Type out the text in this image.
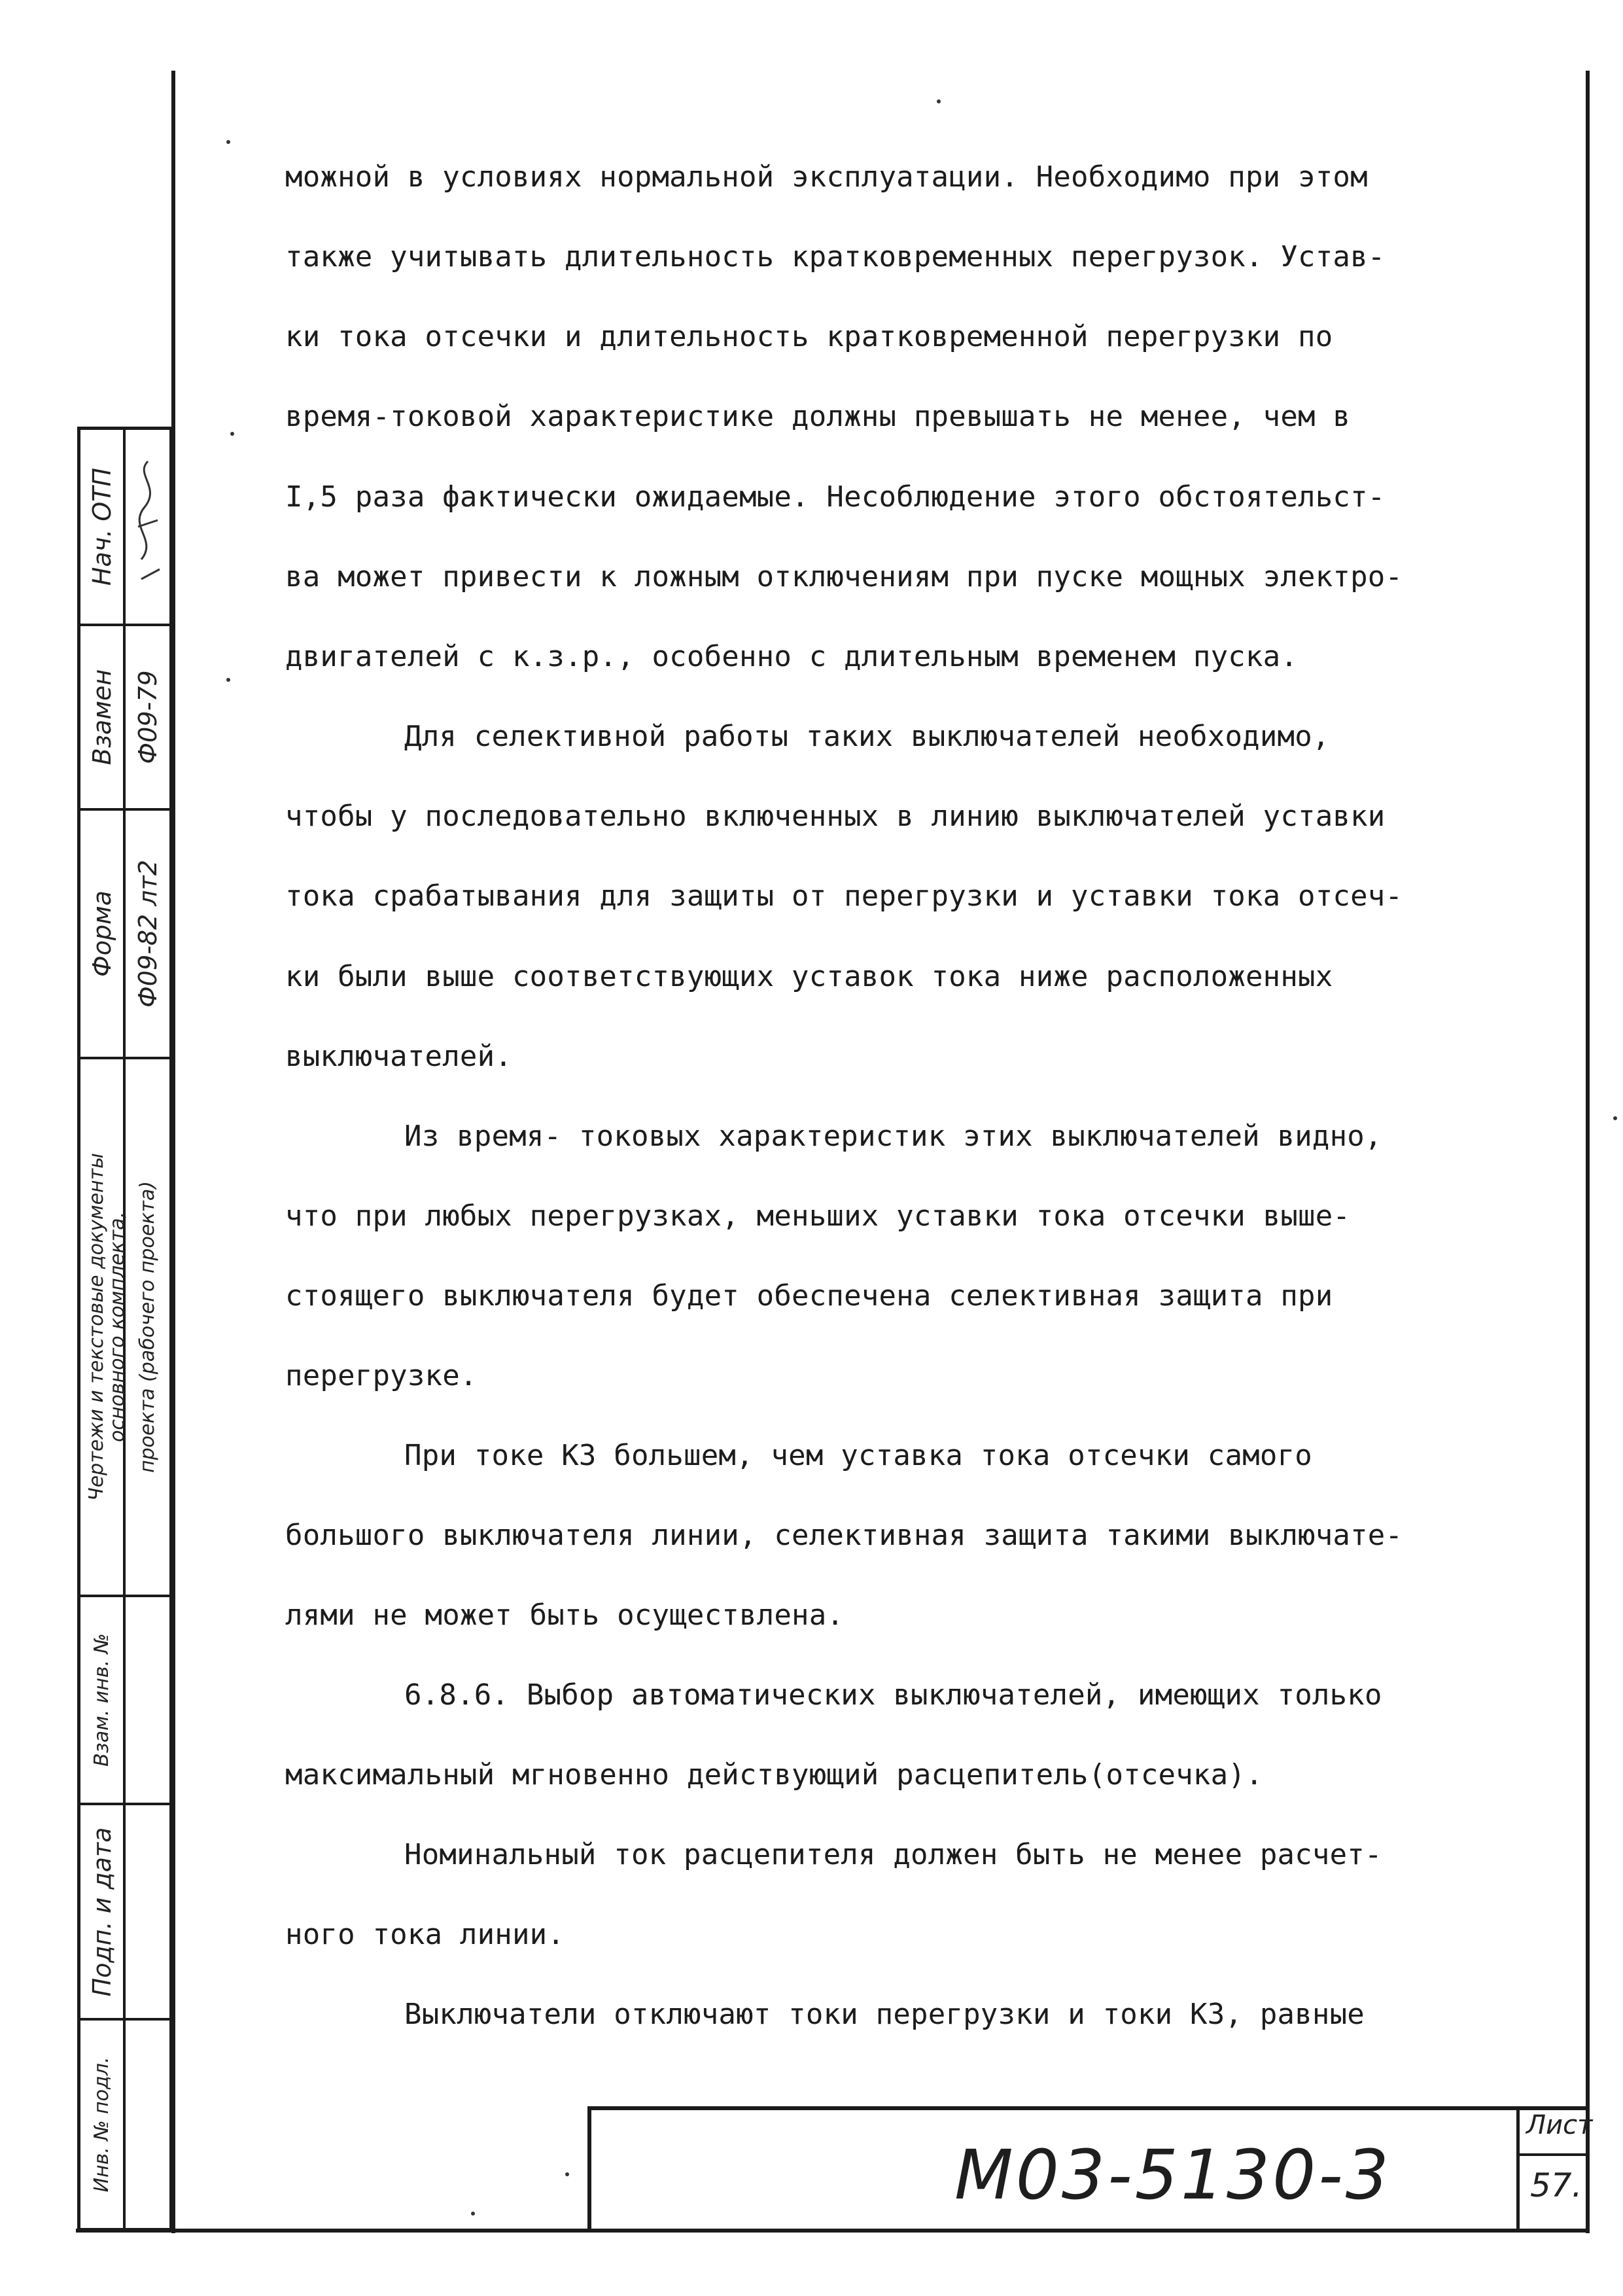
можной в условиях нормальной эксплуатации. Необходимо при этом
также учитывать длительность кратковременных перегрузок. Устав-
ки тока отсечки и длительность кратковременной перегрузки по
время-токовой характеристике должны превышать не менее, чем в
I,5 раза фактически ожидаемые. Несоблюдение этого обстоятельст-
ва может привести к ложным отключениям при пуске мощных электро-
двигателей с к.з.р., особенно с длительным временем пуска.
Для селективной работы таких выключателей необходимо,
чтобы у последовательно включенных в линию выключателей уставки
тока срабатывания для защиты от перегрузки и уставки тока отсеч-
ки были выше соответствующих уставок тока ниже расположенных
выключателей.
Из время- токовых характеристик этих выключателей видно,
что при любых перегрузках, меньших уставки тока отсечки выше-
стоящего выключателя будет обеспечена селективная защита при
перегрузке.
При токе КЗ большем, чем уставка тока отсечки самого
большого выключателя линии, селективная защита такими выключате-
лями не может быть осуществлена.
6.8.6. Выбор автоматических выключателей, имеющих только
максимальный мгновенно действующий расцепитель(отсечка).
Номинальный ток расцепителя должен быть не менее расчет-
ного тока линии.
Выключатели отключают токи перегрузки и токи КЗ, равные
Нач. ОТП
Взамен Ф09-79
Форма Ф09-82 лт2
Чертежи и текстовые документы
основного комплекта, проекта (рабочего проекта)
Взам. инв. №
Подп. и дата
Инв. № подл.	М03-5130-3
Лист
57.
